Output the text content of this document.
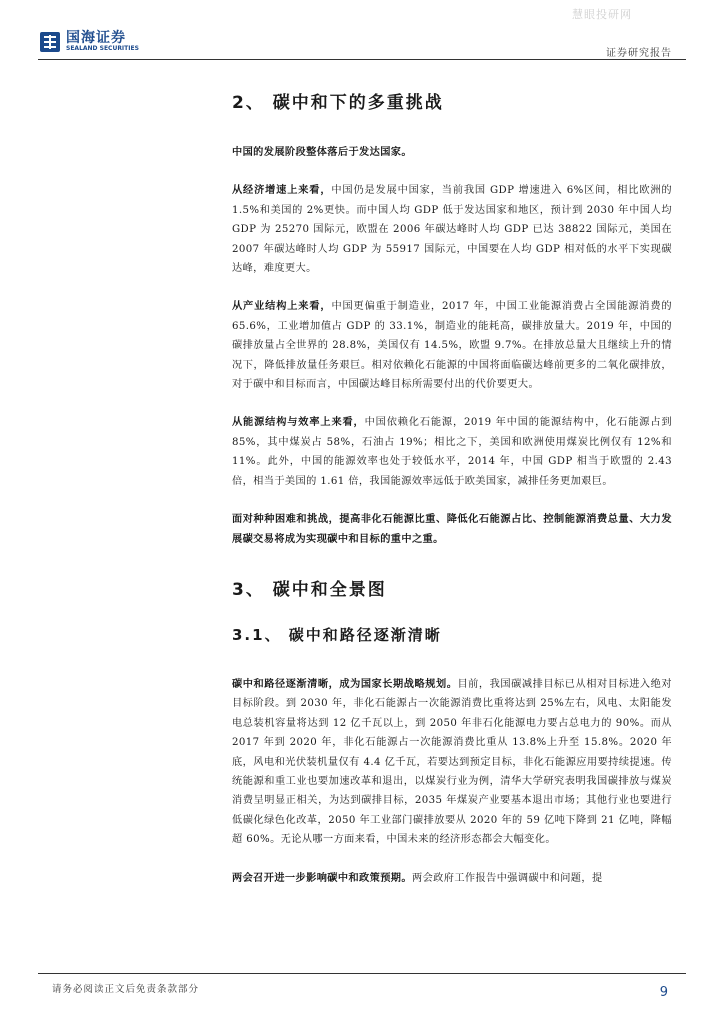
慧眼投研网
国海证券
SEALAND SECURITIES	证券研究报告
2、 碳中和下的多重挑战

中国的发展阶段整体落后于发达国家。

从经济增速上来看，中国仍是发展中国家，当前我国 GDP 增速进入 6%区间，相比欧洲的 1.5%和美国的 2%更快。而中国人均 GDP 低于发达国家和地区，预计到 2030 年中国人均 GDP 为 25270 国际元，欧盟在 2006 年碳达峰时人均 GDP 已达 38822 国际元，美国在 2007 年碳达峰时人均 GDP 为 55917 国际元，中国要在人均 GDP 相对低的水平下实现碳达峰，难度更大。

从产业结构上来看，中国更偏重于制造业，2017 年，中国工业能源消费占全国能源消费的 65.6%，工业增加值占 GDP 的 33.1%，制造业的能耗高，碳排放量大。2019 年，中国的碳排放量占全世界的 28.8%，美国仅有 14.5%，欧盟 9.7%。在排放总量大且继续上升的情况下，降低排放量任务艰巨。相对依赖化石能源的中国将面临碳达峰前更多的二氧化碳排放，对于碳中和目标而言，中国碳达峰目标所需要付出的代价要更大。

从能源结构与效率上来看，中国依赖化石能源，2019 年中国的能源结构中，化石能源占到 85%，其中煤炭占 58%，石油占 19%；相比之下，美国和欧洲使用煤炭比例仅有 12%和 11%。此外，中国的能源效率也处于较低水平，2014 年，中国 GDP 相当于欧盟的 2.43 倍，相当于美国的 1.61 倍，我国能源效率远低于欧美国家，减排任务更加艰巨。

面对种种困难和挑战，提高非化石能源比重、降低化石能源占比、控制能源消费总量、大力发展碳交易将成为实现碳中和目标的重中之重。

3、 碳中和全景图
3.1、 碳中和路径逐渐清晰

碳中和路径逐渐清晰，成为国家长期战略规划。目前，我国碳减排目标已从相对目标进入绝对目标阶段。到 2030 年，非化石能源占一次能源消费比重将达到 25%左右，风电、太阳能发电总装机容量将达到 12 亿千瓦以上，到 2050 年非石化能源电力要占总电力的 90%。而从 2017 年到 2020 年，非化石能源占一次能源消费比重从 13.8%上升至 15.8%。2020 年底，风电和光伏装机量仅有 4.4 亿千瓦，若要达到预定目标，非化石能源应用要持续提速。传统能源和重工业也要加速改革和退出，以煤炭行业为例，清华大学研究表明我国碳排放与煤炭消费呈明显正相关，为达到碳排目标，2035 年煤炭产业要基本退出市场；其他行业也要进行低碳化绿色化改革，2050 年工业部门碳排放要从 2020 年的 59 亿吨下降到 21 亿吨，降幅超 60%。无论从哪一方面来看，中国未来的经济形态都会大幅变化。

两会召开进一步影响碳中和政策预期。两会政府工作报告中强调碳中和问题，提

请务必阅读正文后免责条款部分	9
